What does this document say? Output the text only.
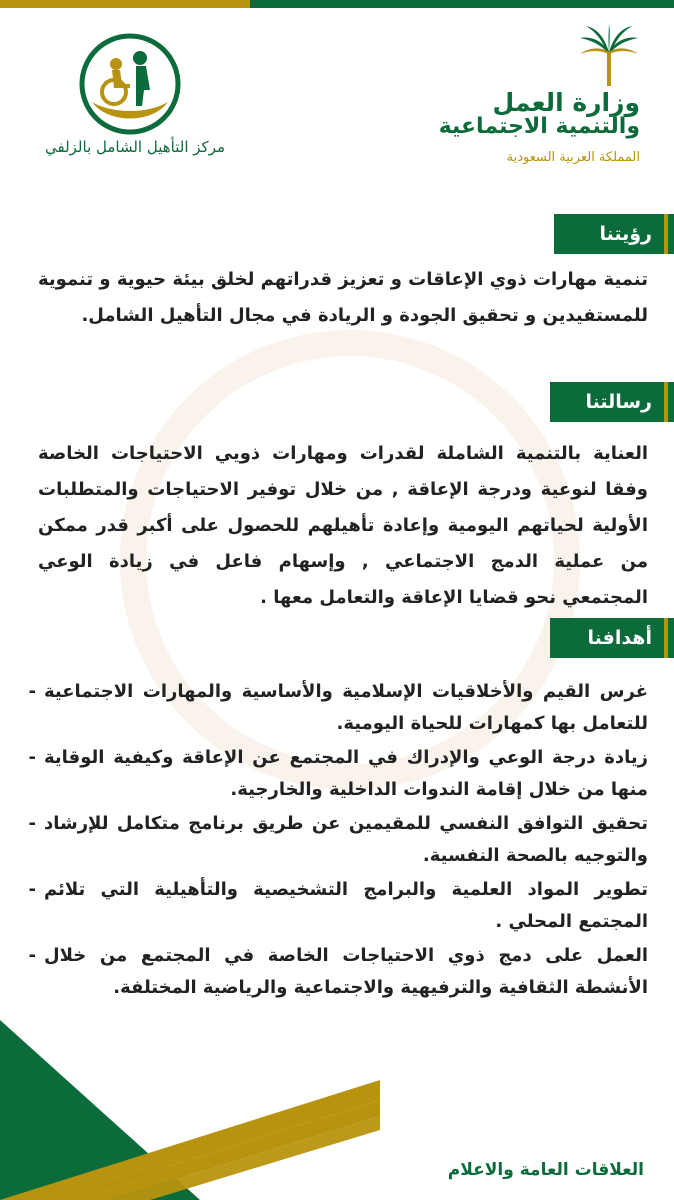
وزارة العمل
والتنمية الاجتماعية
المملكة العربية السعودية
مركز التأهيل الشامل بالزلفي
رؤيتنا
تنمية مهارات ذوي الإعاقات و تعزيز قدراتهم لخلق بيئة حيوية و تنموية للمستفيدين و تحقيق الجودة و الريادة في مجال التأهيل الشامل.
رسالتنا
العناية بالتنمية الشاملة لقدرات ومهارات ذويي الاحتياجات الخاصة وفقا لنوعية ودرجة الإعاقة , من خلال توفير الاحتياجات والمتطلبات الأولية لحياتهم اليومية وإعادة تأهيلهم للحصول على أكبر قدر ممكن من عملية الدمج الاجتماعي , وإسهام فاعل في زيادة الوعي المجتمعي نحو قضايا الإعاقة والتعامل معها .
أهدافنا
- غرس القيم والأخلاقيات الإسلامية والأساسية والمهارات الاجتماعية للتعامل بها كمهارات للحياة اليومية.
- زيادة درجة الوعي والإدراك في المجتمع عن الإعاقة وكيفية الوقاية منها من خلال إقامة الندوات الداخلية والخارجية.
- تحقيق التوافق النفسي للمقيمين عن طريق برنامج متكامل للإرشاد والتوجيه بالصحة النفسية.
- تطوير المواد العلمية والبرامج التشخيصية والتأهيلية التي تلائم المجتمع المحلي .
- العمل على دمج ذوي الاحتياجات الخاصة في المجتمع من خلال الأنشطة الثقافية والترفيهية والاجتماعية والرياضية المختلفة.
العلاقات العامة والاعلام
